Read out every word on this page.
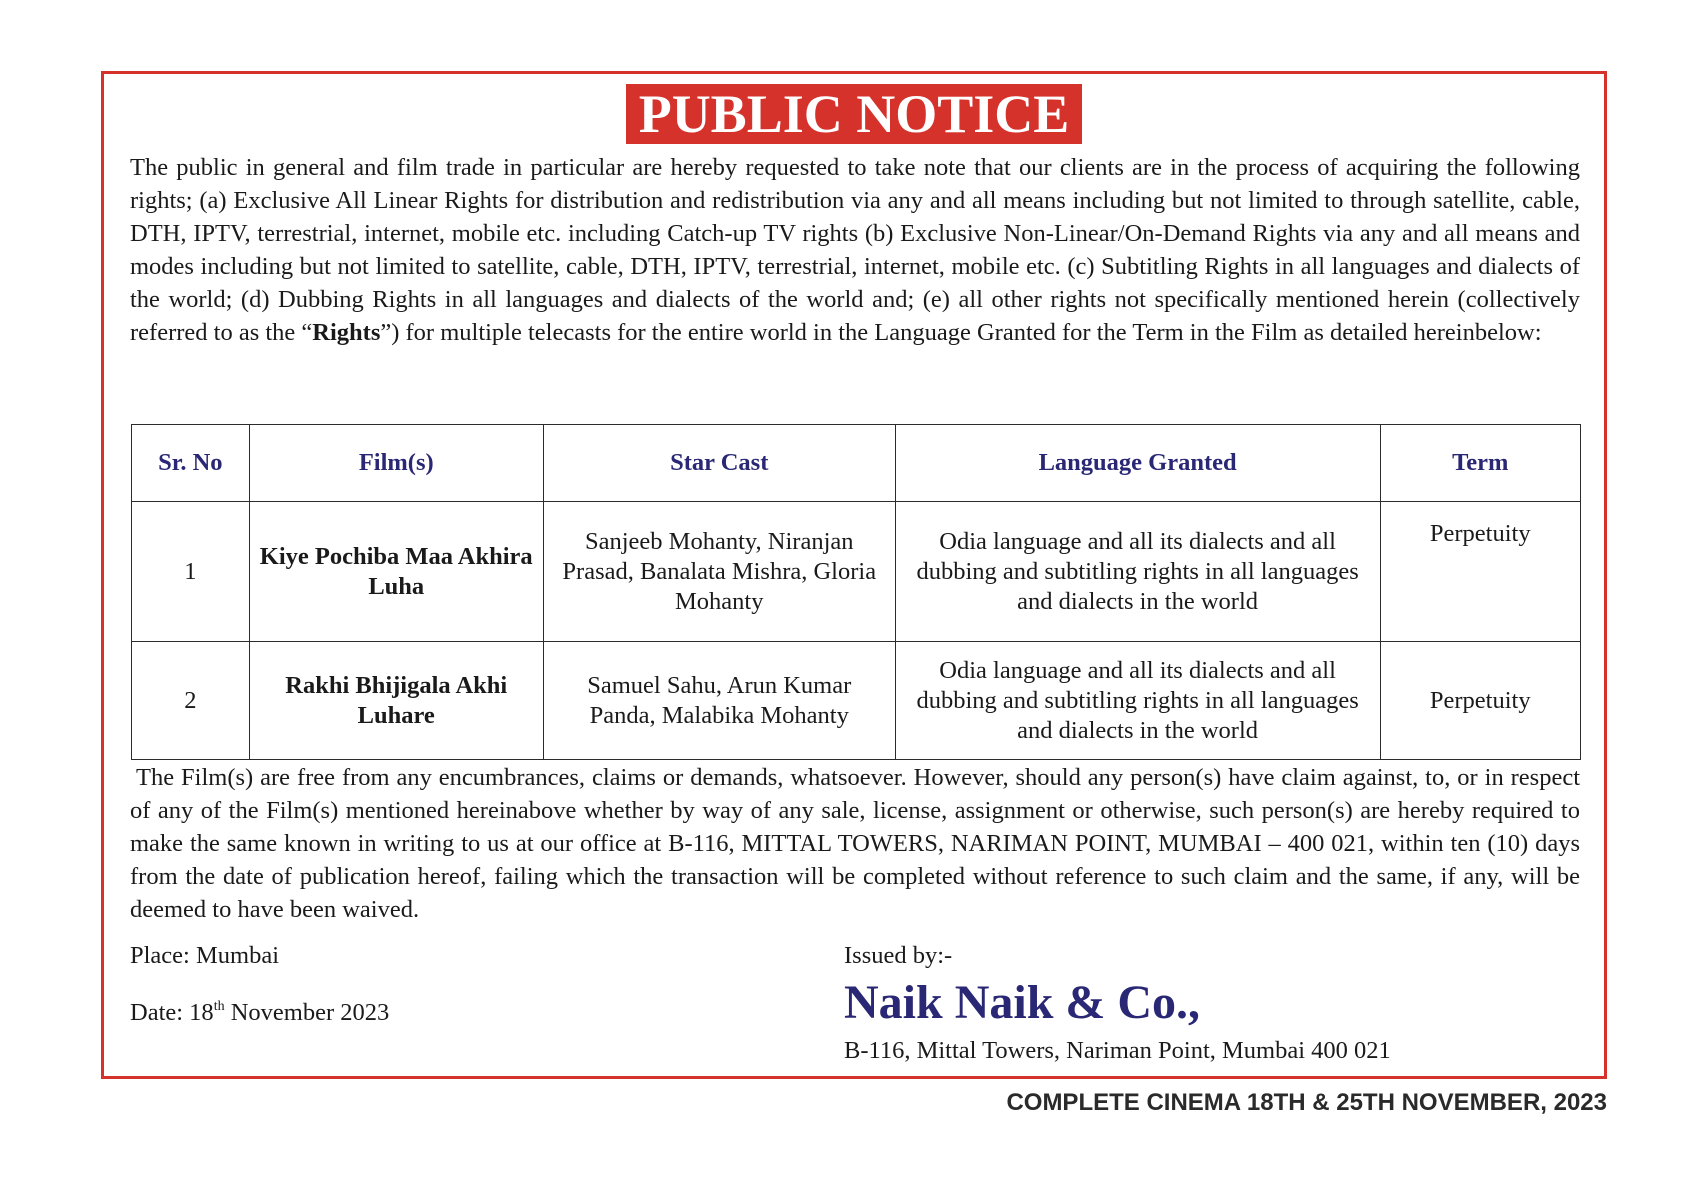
PUBLIC NOTICE

The public in general and film trade in particular are hereby requested to take note that our clients are in the process of acquiring the following rights; (a) Exclusive All Linear Rights for distribution and redistribution via any and all means including but not limited to through satellite, cable, DTH, IPTV, terrestrial, internet, mobile etc. including Catch-up TV rights (b) Exclusive Non-Linear/On-Demand Rights via any and all means and modes including but not limited to satellite, cable, DTH, IPTV, terrestrial, internet, mobile etc. (c) Subtitling Rights in all languages and dialects of the world; (d) Dubbing Rights in all languages and dialects of the world and; (e) all other rights not specifically mentioned herein (collectively referred to as the “Rights”) for multiple telecasts for the entire world in the Language Granted for the Term in the Film as detailed hereinbelow:

Sr. No	Film(s)	Star Cast	Language Granted	Term
1	Kiye Pochiba Maa Akhira Luha	Sanjeeb Mohanty, Niranjan Prasad, Banalata Mishra, Gloria Mohanty	Odia language and all its dialects and all dubbing and subtitling rights in all languages and dialects in the world	Perpetuity
2	Rakhi Bhijigala Akhi Luhare	Samuel Sahu, Arun Kumar Panda, Malabika Mohanty	Odia language and all its dialects and all dubbing and subtitling rights in all languages and dialects in the world	Perpetuity

The Film(s) are free from any encumbrances, claims or demands, whatsoever. However, should any person(s) have claim against, to, or in respect of any of the Film(s) mentioned hereinabove whether by way of any sale, license, assignment or otherwise, such person(s) are hereby required to make the same known in writing to us at our office at B-116, MITTAL TOWERS, NARIMAN POINT, MUMBAI – 400 021, within ten (10) days from the date of publication hereof, failing which the transaction will be completed without reference to such claim and the same, if any, will be deemed to have been waived.

Place: Mumbai
Date: 18th November 2023
Issued by:-
Naik Naik & Co.,
B-116, Mittal Towers, Nariman Point, Mumbai 400 021
COMPLETE CINEMA 18TH & 25TH NOVEMBER, 2023
